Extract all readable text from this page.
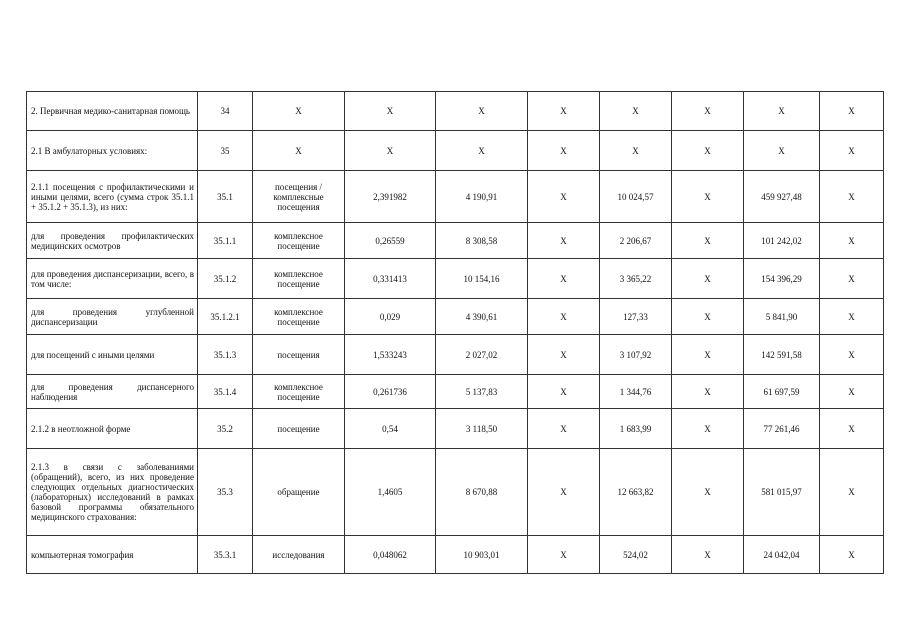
2. Первичная медико-санитарная помощь	34	Х	Х	Х	Х	Х	Х	Х	Х
2.1 В амбулаторных условиях:	35	Х	Х	Х	Х	Х	Х	Х	Х
2.1.1 посещения с профилактическими и иными целями, всего (сумма строк 35.1.1 + 35.1.2 + 35.1.3), из них:	35.1	посещения / комплексные посещения	2,391982	4 190,91	Х	10 024,57	Х	459 927,48	Х
для проведения профилактических медицинских осмотров	35.1.1	комплексное посещение	0,26559	8 308,58	Х	2 206,67	Х	101 242,02	Х
для проведения диспансеризации, всего, в том числе:	35.1.2	комплексное посещение	0,331413	10 154,16	Х	3 365,22	Х	154 396,29	Х
для проведения углубленной диспансеризации	35.1.2.1	комплексное посещение	0,029	4 390,61	Х	127,33	Х	5 841,90	Х
для посещений с иными целями	35.1.3	посещения	1,533243	2 027,02	Х	3 107,92	Х	142 591,58	Х
для проведения диспансерного наблюдения	35.1.4	комплексное посещение	0,261736	5 137,83	Х	1 344,76	Х	61 697,59	Х
2.1.2 в неотложной форме	35.2	посещение	0,54	3 118,50	Х	1 683,99	Х	77 261,46	Х
2.1.3 в связи с заболеваниями (обращений), всего, из них проведение следующих отдельных диагностических (лабораторных) исследований в рамках базовой программы обязательного медицинского страхования:	35.3	обращение	1,4605	8 670,88	Х	12 663,82	Х	581 015,97	Х
компьютерная томография	35.3.1	исследования	0,048062	10 903,01	Х	524,02	Х	24 042,04	Х
